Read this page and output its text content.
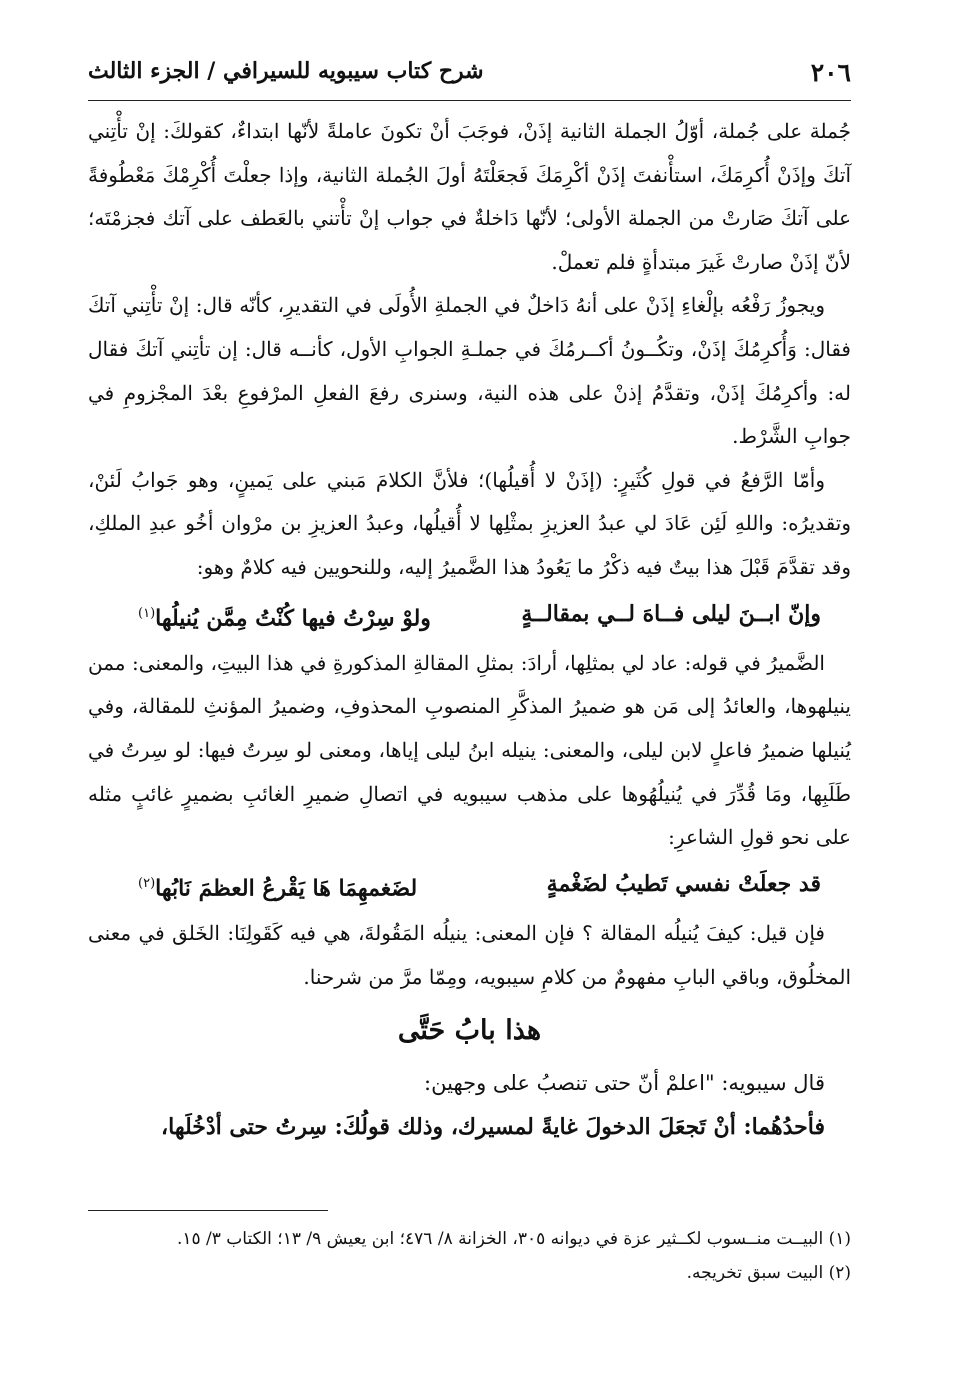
٢٠٦
شرح كتاب سيبويه للسيرافي / الجزء الثالث

جُملة على جُملة، أوّلُ الجملة الثانية إذَنْ، فوجَبَ أنْ تكونَ عاملةً لأنّها ابتداءٌ، كقولكَ: إنْ تأْتِني آتكَ وإذَنْ أُكرِمَكَ، استأْنفتَ إذَنْ أكْرِمَكَ فَجعَلْتَهُ أولَ الجُملة الثانية، وإذا جعلْتَ أُكْرِمْكَ مَعْطُوفةً على آتكَ صَارتْ من الجملة الأولى؛ لأنّها دَاخلةٌ في جواب إنْ تأْتني بالعَطف على آتك فجزمْتَه؛ لأنّ إذَنْ صارتْ غَيرَ مبتدأةٍ فلم تعملْ.

ويجوزُ رَفْعُه بإلْغاءِ إذَنْ على أنهُ دَاخلٌ في الجملةِ الأُولَى في التقديرِ، كأنّه قال: إنْ تأْتِني آتكَ فقال: وَأُكرِمُكَ إذَنْ، وتكُــونُ أكــرمُكَ في جملـةِ الجوابِ الأول، كأنــه قال: إن تأتِني آتكَ فقال له: وأكرِمُكَ إذَنْ، وتقدَّمُ إذنْ على هذه النية، وسنرى رفعَ الفعلِ المرْفوعِ بعْدَ المجْزومِ في جوابِ الشَّرْط.

وأمّا الرَّفعُ في قولِ كُثَيرٍ: (إذَنْ لا أُقيلُها)؛ فلأنَّ الكلامَ مَبني على يَمينٍ، وهو جَوابُ لَئنْ، وتقديرُه: واللهِ لَئِن عَادَ لي عبدُ العزيزِ بمثْلِها لا أُقيلُها، وعبدُ العزيزِ بن مرْوان أخُو عبدِ الملكِ، وقد تقدَّمَ قَبْلَ هذا بيتٌ فيه ذكْرُ ما يَعُودُ هذا الضَّميرُ إليه، وللنحويين فيه كلامٌ وهو:

وإنّ ابــنَ ليلى فــاهَ لــي بمقالــةٍ
ولوْ سِرْتُ فيها كُنْتُ مِمَّن يُنيلُها$^{(١)}$

الضَّميرُ في قوله: عاد لي بمثلِها، أرادَ: بمثلِ المقالةِ المذكورةِ في هذا البيتِ، والمعنى: ممن ينيلهوها، والعائدُ إلى مَن هو ضميرُ المذكَّرِ المنصوبِ المحذوفِ، وضميرُ المؤنثِ للمقالة، وفي يُنيلها ضميرُ فاعلٍ لابن ليلى، والمعنى: ينيله ابنُ ليلى إياها، ومعنى لو سِرتُ فيها: لو سِرتُ في طَلَبِها، ومَا قُدِّرَ في يُنيلُهُوها على مذهب سيبويه في اتصالِ ضميرِ الغائبِ بضميرٍ غائبٍ مثله على نحو قولِ الشاعرِ:

قد جعلَتْ نفسي تَطيبُ لضَغْمةٍ
لضَغمهِمَا هَا يَقْرعُ العظمَ نَابُها$^{(٢)}$

فإن قيل: كيفَ يُنيلُه المقالة ؟ فإن المعنى: ينيلُه المَقُولةَ، هي فيه كَقَولِنَا: الخَلق في معنى المخلُوق، وباقي البابِ مفهومٌ من كلامِ سيبويه، ومِمّا مرَّ من شرحنا.

هذا بابُ حَتَّى

قال سيبويه: "اعلمْ أنّ حتى تنصبُ على وجهين:

فأحدُهُما: أنْ تَجعَلَ الدخولَ غايةً لمسيرك، وذلك قولُكَ: سِرتُ حتى أدْخُلَها،

(١) البيــت منــسوب لكــثير عزة في ديوانه ٣٠٥، الخزانة ٨/ ٤٧٦؛ ابن يعيش ٩/ ١٣؛ الكتاب ٣/ ١٥.

(٢) البيت سبق تخريجه.
